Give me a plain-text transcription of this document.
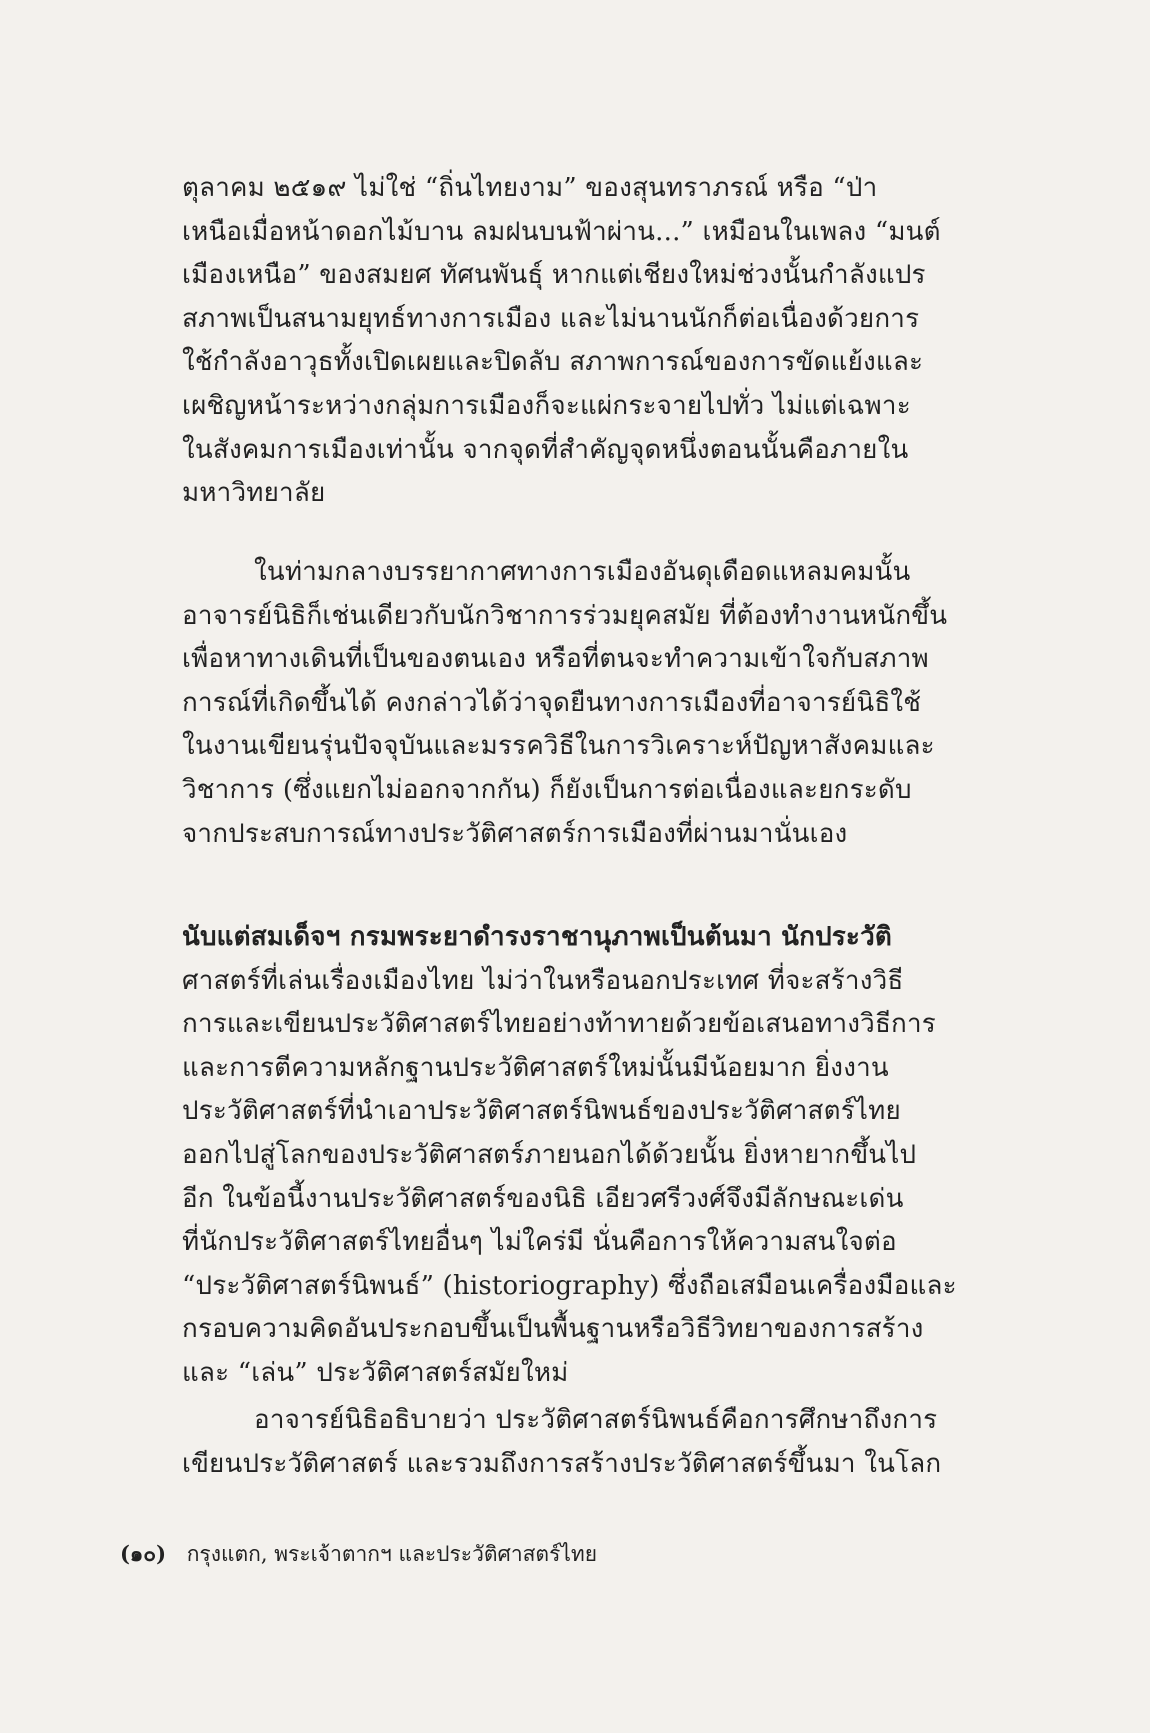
ตุลาคม ๒๕๑๙ ไม่ใช่ “ถิ่นไทยงาม” ของสุนทราภรณ์ หรือ “ป่า
เหนือเมื่อหน้าดอกไม้บาน ลมฝนบนฟ้าผ่าน...” เหมือนในเพลง “มนต์
เมืองเหนือ” ของสมยศ ทัศนพันธุ์ หากแต่เชียงใหม่ช่วงนั้นกำลังแปร
สภาพเป็นสนามยุทธ์ทางการเมือง และไม่นานนักก็ต่อเนื่องด้วยการ
ใช้กำลังอาวุธทั้งเปิดเผยและปิดลับ สภาพการณ์ของการขัดแย้งและ
เผชิญหน้าระหว่างกลุ่มการเมืองก็จะแผ่กระจายไปทั่ว ไม่แต่เฉพาะ
ในสังคมการเมืองเท่านั้น จากจุดที่สำคัญจุดหนึ่งตอนนั้นคือภายใน
มหาวิทยาลัย
ในท่ามกลางบรรยากาศทางการเมืองอันดุเดือดแหลมคมนั้น
อาจารย์นิธิก็เช่นเดียวกับนักวิชาการร่วมยุคสมัย ที่ต้องทำงานหนักขึ้น
เพื่อหาทางเดินที่เป็นของตนเอง หรือที่ตนจะทำความเข้าใจกับสภาพ
การณ์ที่เกิดขึ้นได้ คงกล่าวได้ว่าจุดยืนทางการเมืองที่อาจารย์นิธิใช้
ในงานเขียนรุ่นปัจจุบันและมรรควิธีในการวิเคราะห์ปัญหาสังคมและ
วิชาการ (ซึ่งแยกไม่ออกจากกัน) ก็ยังเป็นการต่อเนื่องและยกระดับ
จากประสบการณ์ทางประวัติศาสตร์การเมืองที่ผ่านมานั่นเอง
นับแต่สมเด็จฯ กรมพระยาดำรงราชานุภาพเป็นต้นมา นักประวัติ
ศาสตร์ที่เล่นเรื่องเมืองไทย ไม่ว่าในหรือนอกประเทศ ที่จะสร้างวิธี
การและเขียนประวัติศาสตร์ไทยอย่างท้าทายด้วยข้อเสนอทางวิธีการ
และการตีความหลักฐานประวัติศาสตร์ใหม่นั้นมีน้อยมาก ยิ่งงาน
ประวัติศาสตร์ที่นำเอาประวัติศาสตร์นิพนธ์ของประวัติศาสตร์ไทย
ออกไปสู่โลกของประวัติศาสตร์ภายนอกได้ด้วยนั้น ยิ่งหายากขึ้นไป
อีก ในข้อนี้งานประวัติศาสตร์ของนิธิ เอียวศรีวงศ์จึงมีลักษณะเด่น
ที่นักประวัติศาสตร์ไทยอื่นๆ ไม่ใคร่มี นั่นคือการให้ความสนใจต่อ
“ประวัติศาสตร์นิพนธ์” (historiography) ซึ่งถือเสมือนเครื่องมือและ
กรอบความคิดอันประกอบขึ้นเป็นพื้นฐานหรือวิธีวิทยาของการสร้าง
และ “เล่น” ประวัติศาสตร์สมัยใหม่
อาจารย์นิธิอธิบายว่า ประวัติศาสตร์นิพนธ์คือการศึกษาถึงการ
เขียนประวัติศาสตร์ และรวมถึงการสร้างประวัติศาสตร์ขึ้นมา ในโลก
(๑๐) กรุงแตก, พระเจ้าตากฯ และประวัติศาสตร์ไทย
